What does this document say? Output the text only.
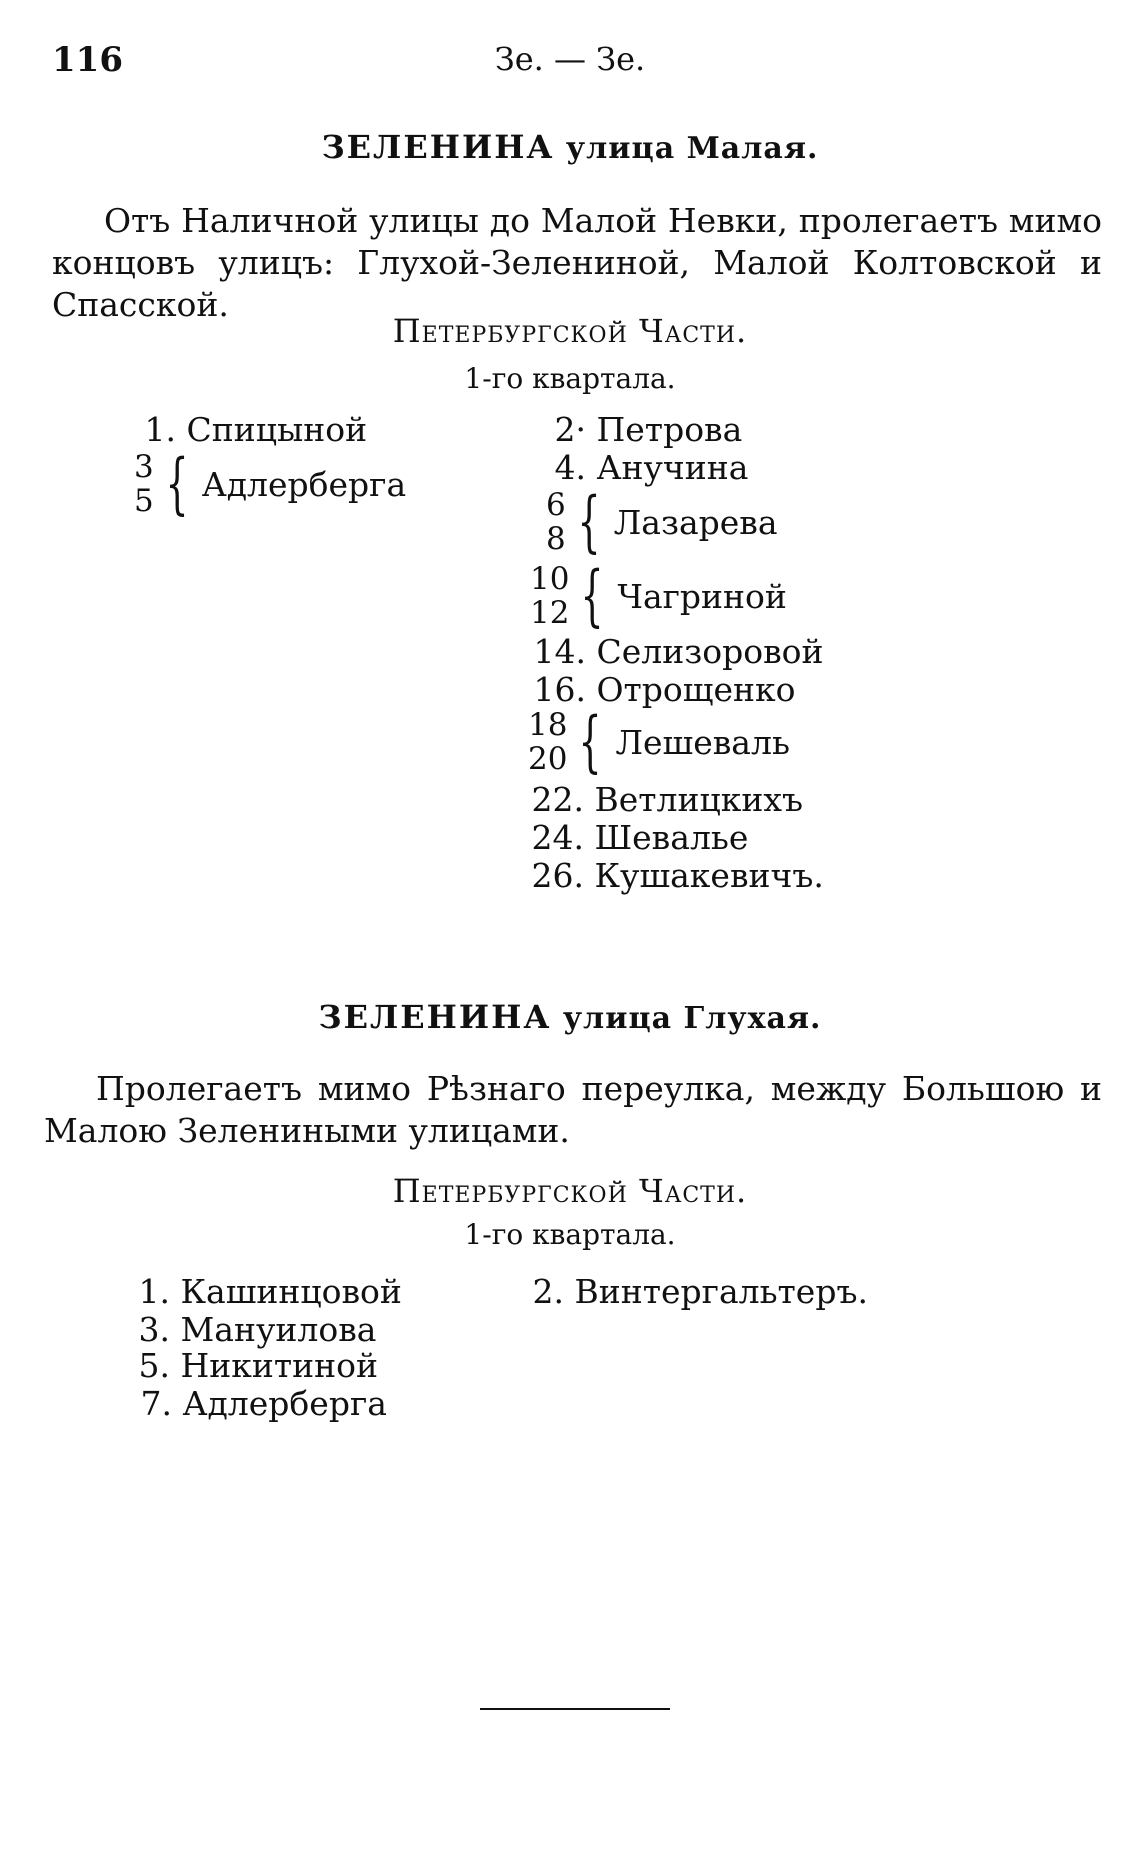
116	Зе. — Зе.
ЗЕЛЕНИНА улица Малая.
Отъ Наличной улицы до Малой Невки, пролегаетъ мимо концовъ улицъ: Глухой-Зелениной, Малой Колтовской и Спасской.
Петербургской Части.
1-го квартала.
1. Спицыной
3
5 { Адлерберга
2· Петрова
4. Анучина
6
8 { Лазарева
10
12 { Чагриной
14. Селизоровой
16. Отрощенко
18
20 { Лешеваль
22. Ветлицкихъ
24. Шевалье
26. Кушакевичъ.
ЗЕЛЕНИНА улица Глухая.
Пролегаетъ мимо Рѣзнаго переулка, между Большою и Малою Зелениными улицами.
Петербургской Части.
1-го квартала.
1. Кашинцовой
3. Мануилова
5. Никитиной
7. Адлерберга
2. Винтергальтеръ.
